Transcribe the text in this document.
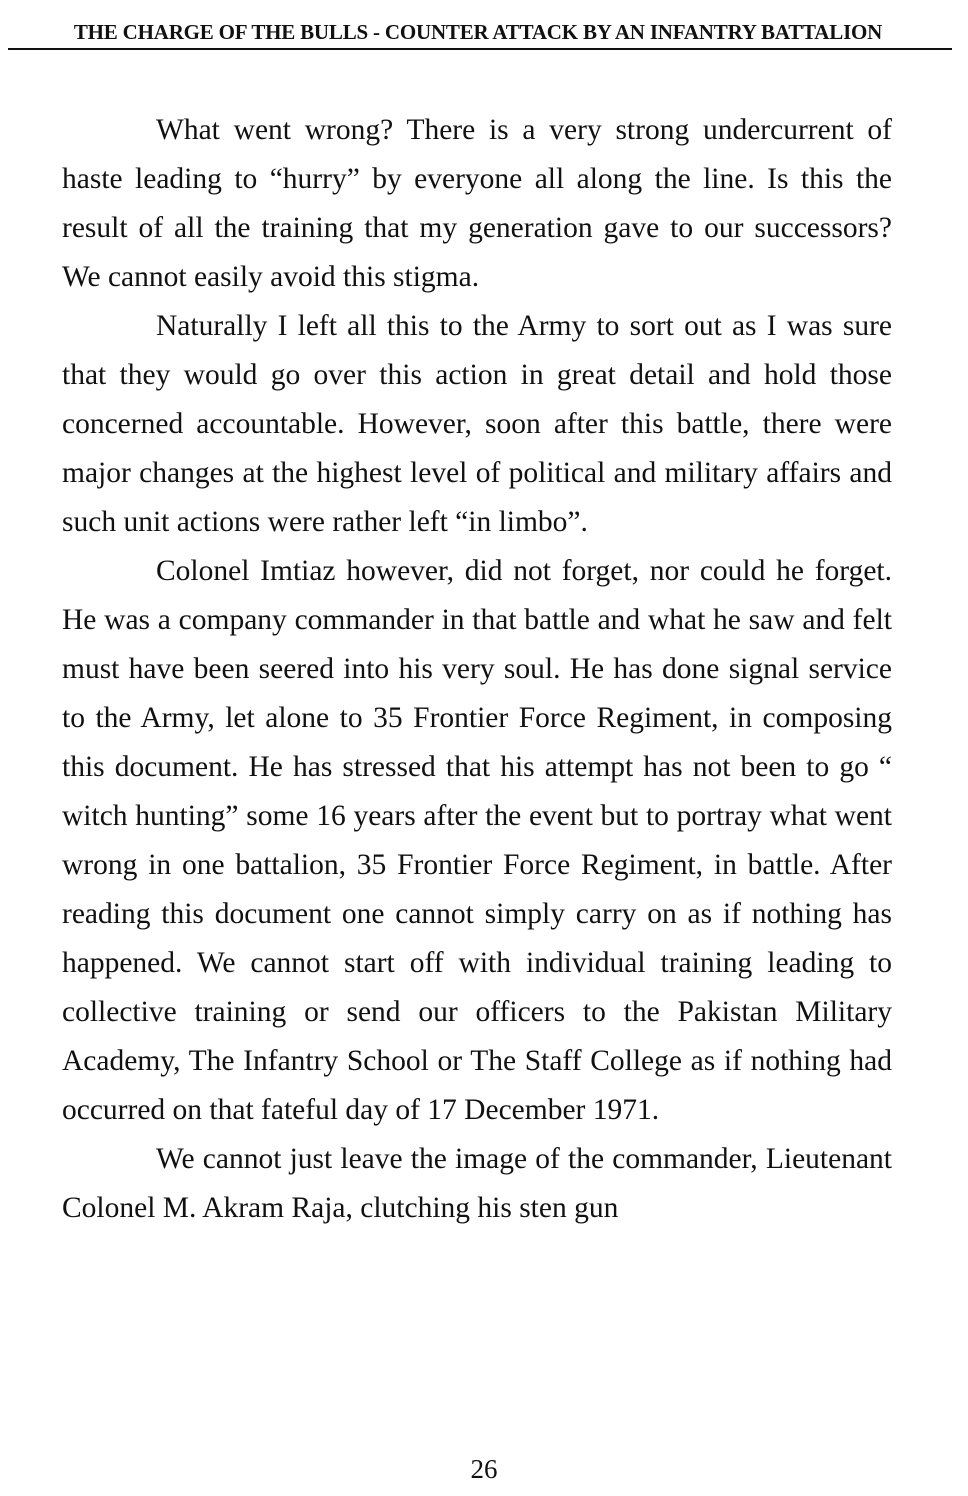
THE CHARGE OF THE BULLS - COUNTER ATTACK BY AN INFANTRY BATTALION

What went wrong? There is a very strong undercurrent of haste leading to “hurry” by everyone all along the line. Is this the result of all the training that my generation gave to our successors? We cannot easily avoid this stigma.

Naturally I left all this to the Army to sort out as I was sure that they would go over this action in great detail and hold those concerned accountable. However, soon after this battle, there were major changes at the highest level of political and military affairs and such unit actions were rather left “in limbo”.

Colonel Imtiaz however, did not forget, nor could he forget. He was a company commander in that battle and what he saw and felt must have been seered into his very soul. He has done signal service to the Army, let alone to 35 Frontier Force Regiment, in composing this document. He has stressed that his attempt has not been to go “ witch hunting” some 16 years after the event but to portray what went wrong in one battalion, 35 Frontier Force Regiment, in battle. After reading this document one cannot simply carry on as if nothing has happened. We cannot start off with individual training leading to collective training or send our officers to the Pakistan Military Academy, The Infantry School or The Staff College as if nothing had occurred on that fateful day of 17 December 1971.

We cannot just leave the image of the commander, Lieutenant Colonel M. Akram Raja, clutching his sten gun

26
